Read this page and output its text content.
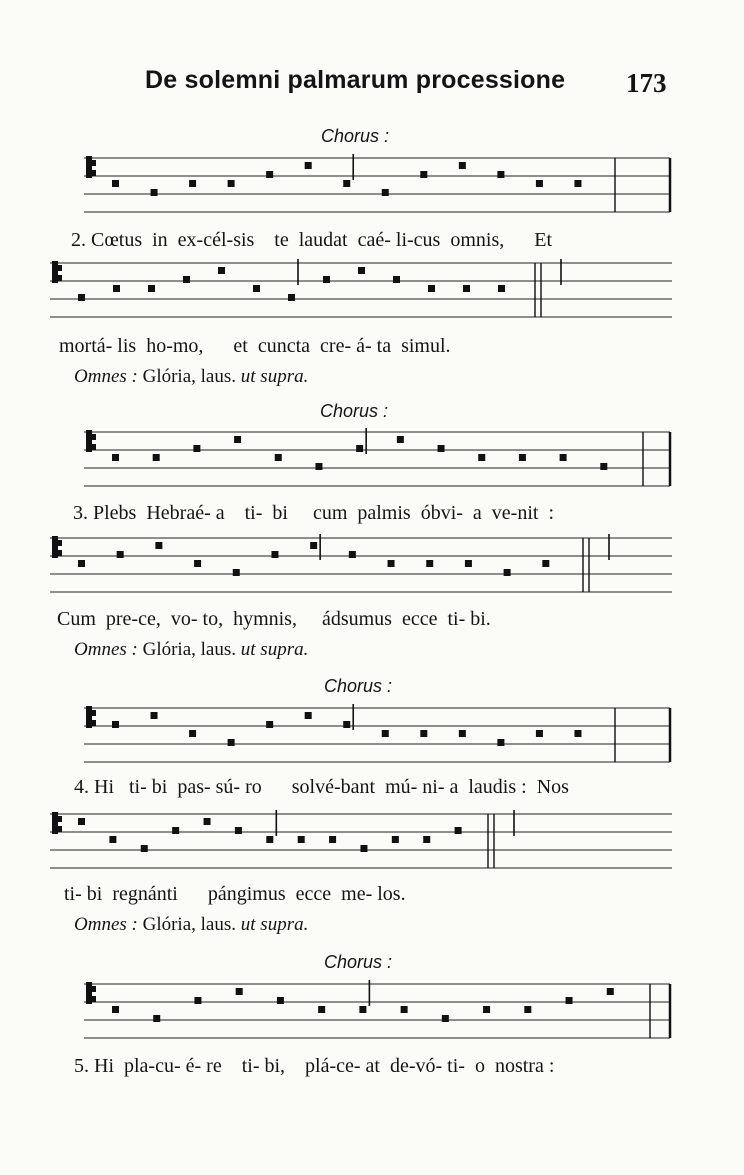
De solemni palmarum processione 173
Chorus :
2. Cœtus  in  ex-cél-sis    te  laudat  caé- li-cus  omnis,      Et
mortá- lis  ho-mo,      et  cuncta  cre- á- ta  simul.
Omnes : Glória, laus. ut supra.
Chorus :
3. Plebs  Hebraé- a    ti-  bi     cum  palmis  óbvi-  a  ve-nit  :
Cum  pre-ce,  vo- to,  hymnis,     ádsumus  ecce  ti- bi.
Omnes : Glória, laus. ut supra.
Chorus :
4. Hi   ti- bi  pas- sú- ro      solvé-bant  mú- ni- a  laudis :  Nos
ti- bi  regnánti      pángimus  ecce  me- los.
Omnes : Glória, laus. ut supra.
Chorus :
5. Hi  pla-cu- é- re    ti- bi,    plá-ce- at  de-vó- ti-  o  nostra :
